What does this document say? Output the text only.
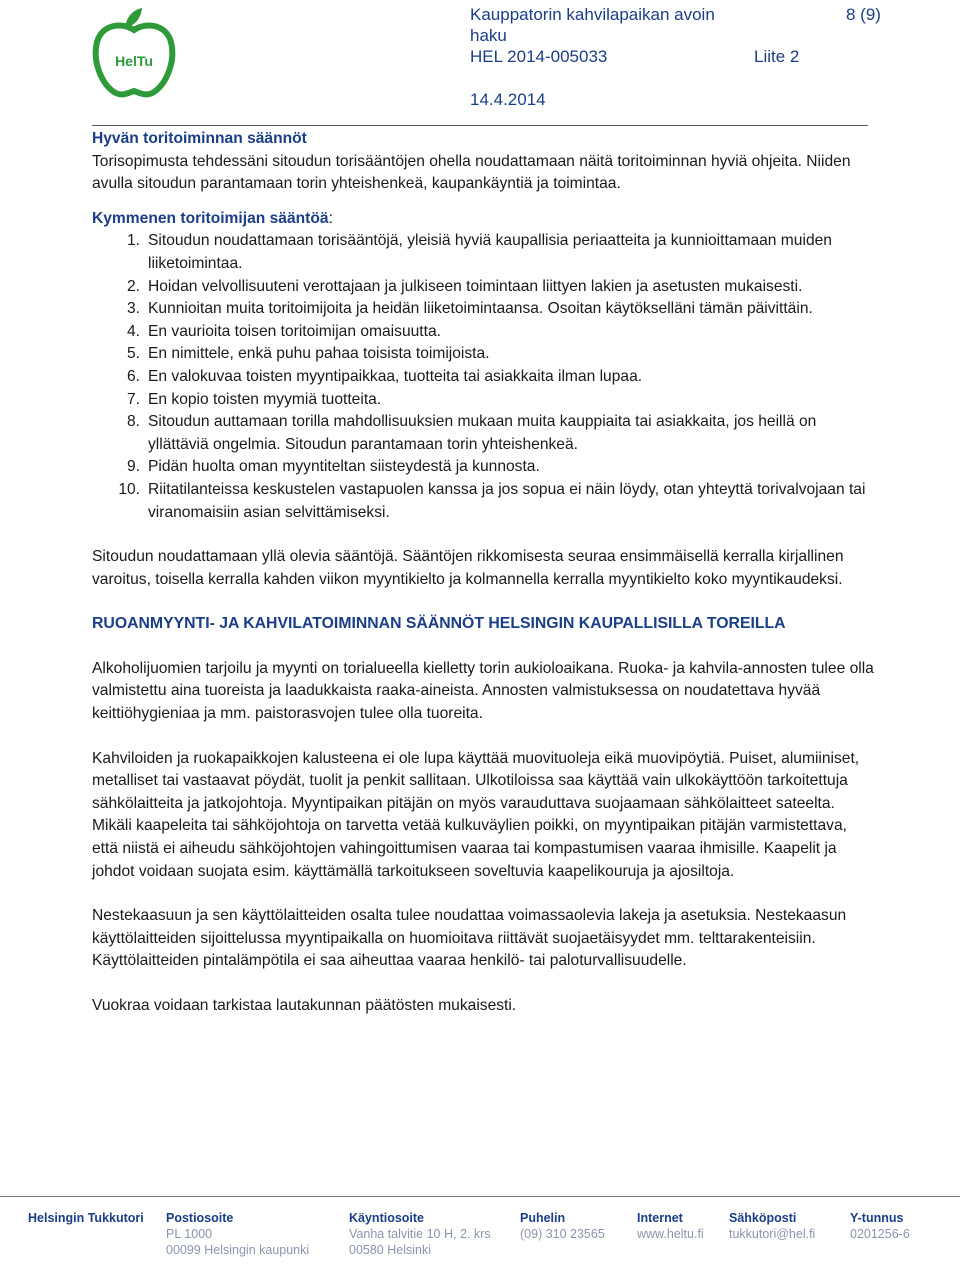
HelTu
Kauppatorin kahvilapaikan avoin haku
8 (9)
HEL 2014-005033	Liite 2
14.4.2014

Hyvän toritoiminnan säännöt

Torisopimusta tehdessäni sitoudun torisääntöjen ohella noudattamaan näitä toritoiminnan hyviä ohjeita. Niiden avulla sitoudun parantamaan torin yhteishenkeä, kaupankäyntiä ja toimintaa.

Kymmenen toritoimijan sääntöä:

1. Sitoudun noudattamaan torisääntöjä, yleisiä hyviä kaupallisia periaatteita ja kunnioittamaan muiden liiketoimintaa.
2. Hoidan velvollisuuteni verottajaan ja julkiseen toimintaan liittyen lakien ja asetusten mukaisesti.
3. Kunnioitan muita toritoimijoita ja heidän liiketoimintaansa. Osoitan käytökselläni tämän päivittäin.
4. En vaurioita toisen toritoimijan omaisuutta.
5. En nimittele, enkä puhu pahaa toisista toimijoista.
6. En valokuvaa toisten myyntipaikkaa, tuotteita tai asiakkaita ilman lupaa.
7. En kopio toisten myymiä tuotteita.
8. Sitoudun auttamaan torilla mahdollisuuksien mukaan muita kauppiaita tai asiakkaita, jos heillä on yllättäviä ongelmia. Sitoudun parantamaan torin yhteishenkeä.
9. Pidän huolta oman myyntiteltan siisteydestä ja kunnosta.
10. Riitatilanteissa keskustelen vastapuolen kanssa ja jos sopua ei näin löydy, otan yhteyttä torivalvojaan tai viranomaisiin asian selvittämiseksi.

Sitoudun noudattamaan yllä olevia sääntöjä. Sääntöjen rikkomisesta seuraa ensimmäisellä kerralla kirjallinen varoitus, toisella kerralla kahden viikon myyntikielto ja kolmannella kerralla myyntikielto koko myyntikaudeksi.

RUOANMYYNTI- JA KAHVILATOIMINNAN SÄÄNNÖT HELSINGIN KAUPALLISILLA TOREILLA

Alkoholijuomien tarjoilu ja myynti on torialueella kielletty torin aukioloaikana. Ruoka- ja kahvila-annosten tulee olla valmistettu aina tuoreista ja laadukkaista raaka-aineista. Annosten valmistuksessa on noudatettava hyvää keittiöhygieniaa ja mm. paistorasvojen tulee olla tuoreita.

Kahviloiden ja ruokapaikkojen kalusteena ei ole lupa käyttää muovituoleja eikä muovipöytiä. Puiset, alumiiniset, metalliset tai vastaavat pöydät, tuolit ja penkit sallitaan. Ulkotiloissa saa käyttää vain ulkokäyttöön tarkoitettuja sähkölaitteita ja jatkojohtoja. Myyntipaikan pitäjän on myös varauduttava suojaamaan sähkölaitteet sateelta. Mikäli kaapeleita tai sähköjohtoja on tarvetta vetää kulkuväylien poikki, on myyntipaikan pitäjän varmistettava, että niistä ei aiheudu sähköjohtojen vahingoittumisen vaaraa tai kompastumisen vaaraa ihmisille. Kaapelit ja johdot voidaan suojata esim. käyttämällä tarkoitukseen soveltuvia kaapelikouruja ja ajosiltoja.

Nestekaasuun ja sen käyttölaitteiden osalta tulee noudattaa voimassaolevia lakeja ja asetuksia. Nestekaasun käyttölaitteiden sijoittelussa myyntipaikalla on huomioitava riittävät suojaetäisyydet mm. telttarakenteisiin. Käyttölaitteiden pintalämpötila ei saa aiheuttaa vaaraa henkilö- tai paloturvallisuudelle.

Vuokraa voidaan tarkistaa lautakunnan päätösten mukaisesti.

Helsingin Tukkutori Postiosoite
PL 1000
00099 Helsingin kaupunki
Käyntiosoite
Vanha talvitie 10 H, 2. krs
00580 Helsinki
Puhelin
(09) 310 23565
Internet
www.heltu.fi
Sähköposti
tukkutori@hel.fi
Y-tunnus
0201256-6
